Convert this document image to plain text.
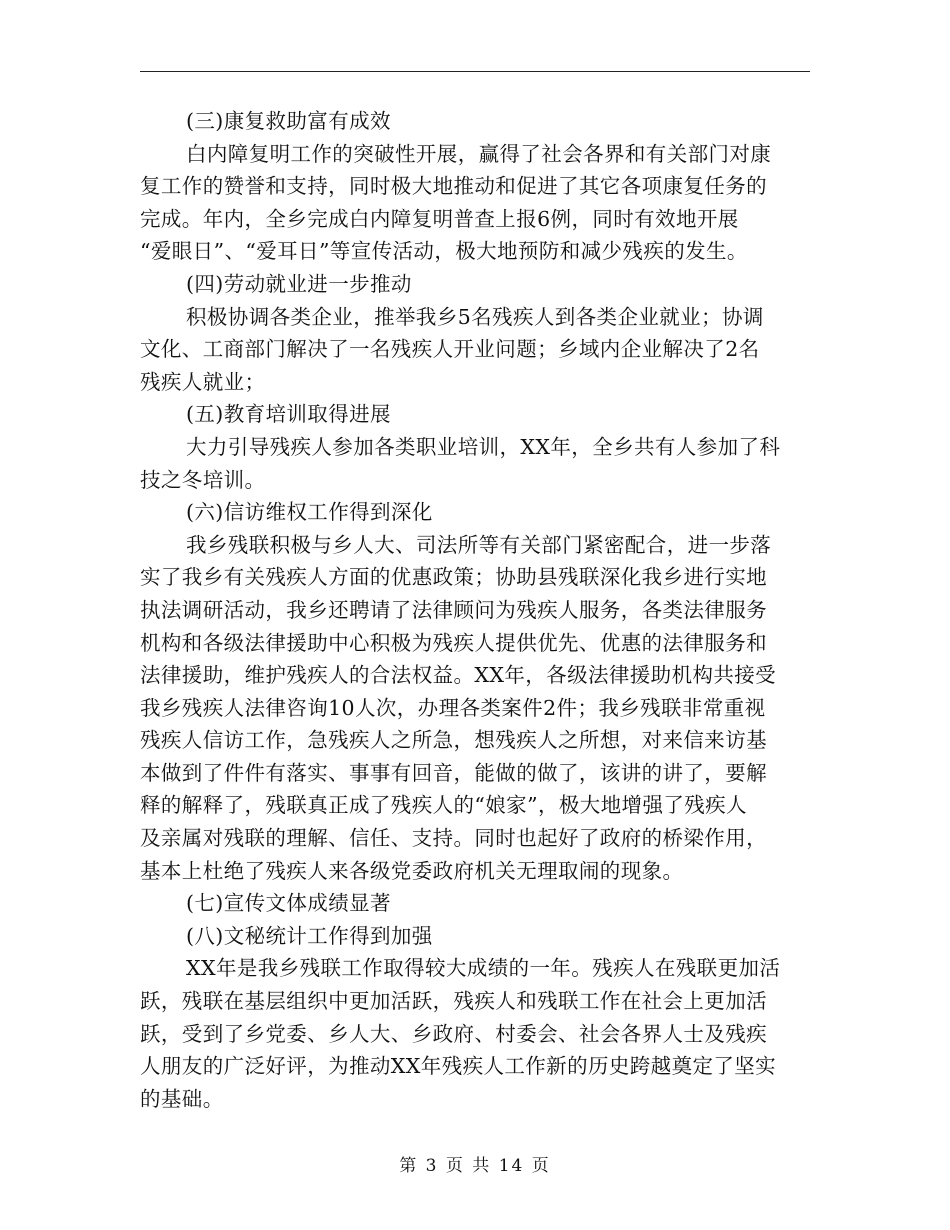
(三)康复救助富有成效
白内障复明工作的突破性开展，赢得了社会各界和有关部门对康
复工作的赞誉和支持，同时极大地推动和促进了其它各项康复任务的
完成。年内，全乡完成白内障复明普查上报6例，同时有效地开展
“爱眼日”、“爱耳日”等宣传活动，极大地预防和减少残疾的发生。
(四)劳动就业进一步推动
积极协调各类企业，推举我乡5名残疾人到各类企业就业；协调
文化、工商部门解决了一名残疾人开业问题；乡域内企业解决了2名
残疾人就业；
(五)教育培训取得进展
大力引导残疾人参加各类职业培训，XX年，全乡共有人参加了科
技之冬培训。
(六)信访维权工作得到深化
我乡残联积极与乡人大、司法所等有关部门紧密配合，进一步落
实了我乡有关残疾人方面的优惠政策；协助县残联深化我乡进行实地
执法调研活动，我乡还聘请了法律顾问为残疾人服务，各类法律服务
机构和各级法律援助中心积极为残疾人提供优先、优惠的法律服务和
法律援助，维护残疾人的合法权益。XX年，各级法律援助机构共接受
我乡残疾人法律咨询10人次，办理各类案件2件；我乡残联非常重视
残疾人信访工作，急残疾人之所急，想残疾人之所想，对来信来访基
本做到了件件有落实、事事有回音，能做的做了，该讲的讲了，要解
释的解释了，残联真正成了残疾人的“娘家”，极大地增强了残疾人
及亲属对残联的理解、信任、支持。同时也起好了政府的桥梁作用，
基本上杜绝了残疾人来各级党委政府机关无理取闹的现象。
(七)宣传文体成绩显著
(八)文秘统计工作得到加强
XX年是我乡残联工作取得较大成绩的一年。残疾人在残联更加活
跃，残联在基层组织中更加活跃，残疾人和残联工作在社会上更加活
跃，受到了乡党委、乡人大、乡政府、村委会、社会各界人士及残疾
人朋友的广泛好评，为推动XX年残疾人工作新的历史跨越奠定了坚实
的基础。
第 3 页 共 14 页
